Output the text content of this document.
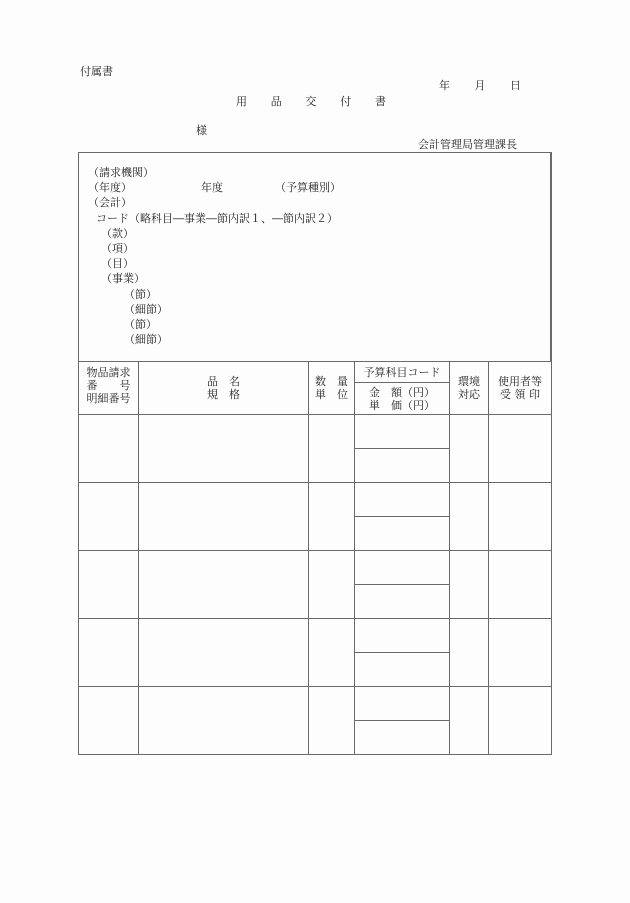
付属書
年 月 日
用 品 交 付 書
様
会計管理局管理課長
（請求機関）
（年度）	年度	（予算種別）
（会計）
コード（略科目―事業―節内訳１、―節内訳２）
（款）
（項）
（目）
（事業）
（節）
（細節）
（節）
（細節）
物品請求
番　　号
明細番号
品　名
規　格
数　量
単　位
予算科目コード
金　額（円）
単　価（円）
環境
対応
使用者等
受 領 印
